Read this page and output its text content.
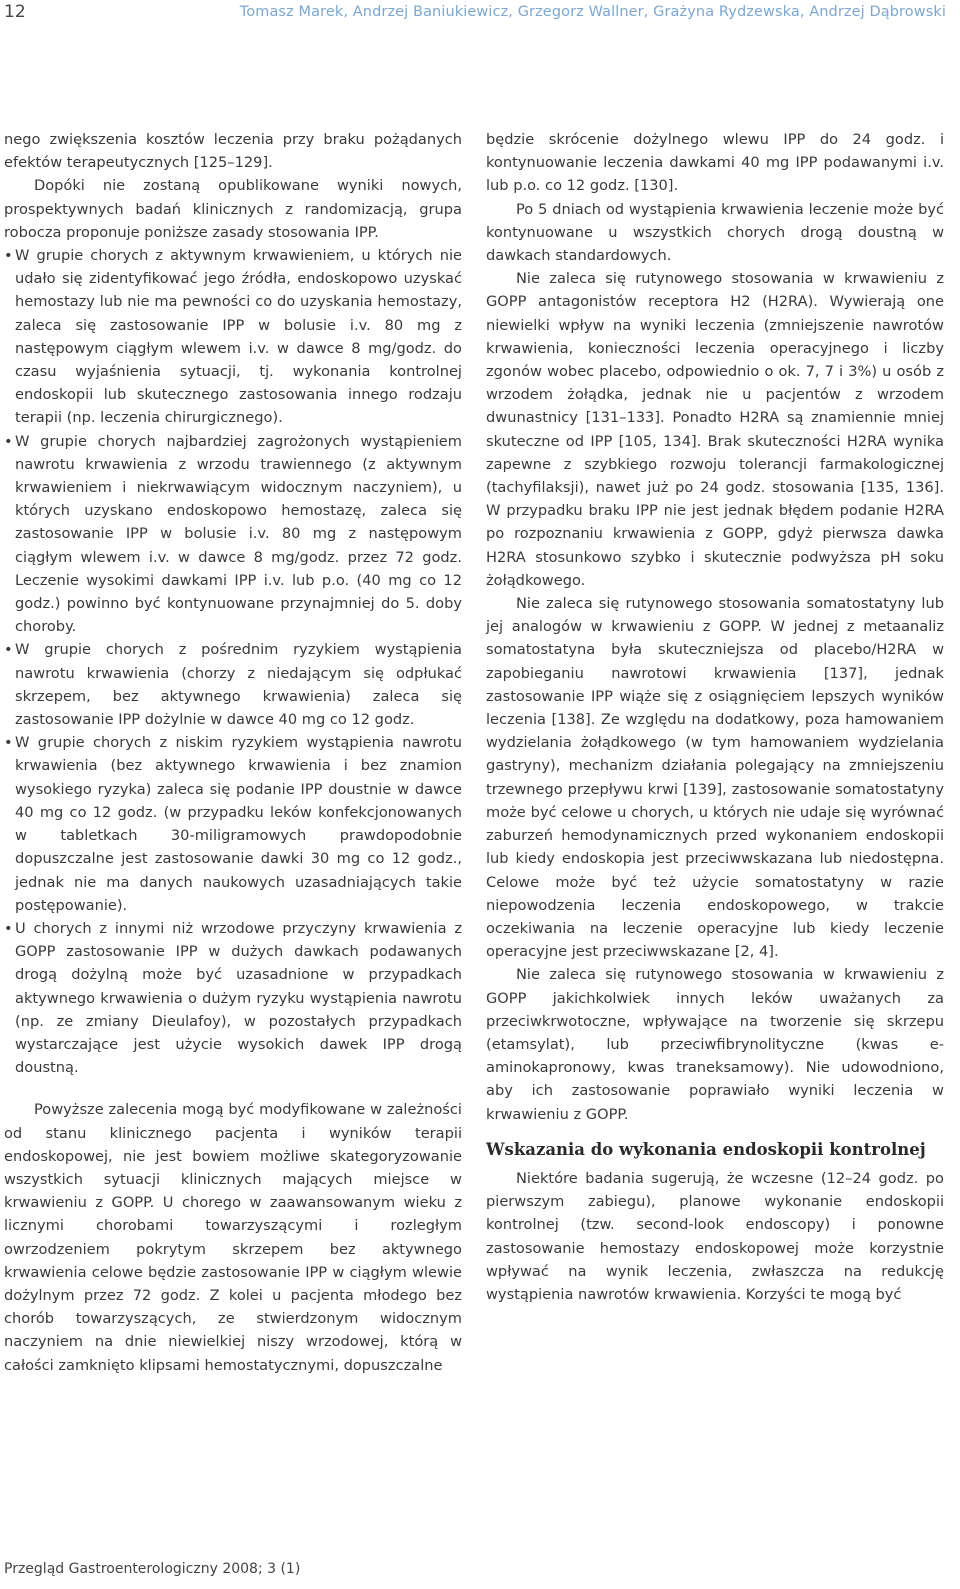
12	Tomasz Marek, Andrzej Baniukiewicz, Grzegorz Wallner, Grażyna Rydzewska, Andrzej Dąbrowski

nego zwiększenia kosztów leczenia przy braku pożądanych efektów terapeutycznych [125–129].

Dopóki nie zostaną opublikowane wyniki nowych, prospektywnych badań klinicznych z randomizacją, grupa robocza proponuje poniższe zasady stosowania IPP.

• W grupie chorych z aktywnym krwawieniem, u których nie udało się zidentyfikować jego źródła, endoskopowo uzyskać hemostazy lub nie ma pewności co do uzyskania hemostazy, zaleca się zastosowanie IPP w bolusie i.v. 80 mg z następowym ciągłym wlewem i.v. w dawce 8 mg/godz. do czasu wyjaśnienia sytuacji, tj. wykonania kontrolnej endoskopii lub skutecznego zastosowania innego rodzaju terapii (np. leczenia chirurgicznego).
• W grupie chorych najbardziej zagrożonych wystąpieniem nawrotu krwawienia z wrzodu trawiennego (z aktywnym krwawieniem i niekrwawiącym widocznym naczyniem), u których uzyskano endoskopowo hemostazę, zaleca się zastosowanie IPP w bolusie i.v. 80 mg z następowym ciągłym wlewem i.v. w dawce 8 mg/godz. przez 72 godz. Leczenie wysokimi dawkami IPP i.v. lub p.o. (40 mg co 12 godz.) powinno być kontynuowane przynajmniej do 5. doby choroby.
• W grupie chorych z pośrednim ryzykiem wystąpienia nawrotu krwawienia (chorzy z niedającym się odpłukać skrzepem, bez aktywnego krwawienia) zaleca się zastosowanie IPP dożylnie w dawce 40 mg co 12 godz.
• W grupie chorych z niskim ryzykiem wystąpienia nawrotu krwawienia (bez aktywnego krwawienia i bez znamion wysokiego ryzyka) zaleca się podanie IPP doustnie w dawce 40 mg co 12 godz. (w przypadku leków konfekcjonowanych w tabletkach 30-miligramowych prawdopodobnie dopuszczalne jest zastosowanie dawki 30 mg co 12 godz., jednak nie ma danych naukowych uzasadniających takie postępowanie).
• U chorych z innymi niż wrzodowe przyczyny krwawienia z GOPP zastosowanie IPP w dużych dawkach podawanych drogą dożylną może być uzasadnione w przypadkach aktywnego krwawienia o dużym ryzyku wystąpienia nawrotu (np. ze zmiany Dieulafoy), w pozostałych przypadkach wystarczające jest użycie wysokich dawek IPP drogą doustną.

Powyższe zalecenia mogą być modyfikowane w zależności od stanu klinicznego pacjenta i wyników terapii endoskopowej, nie jest bowiem możliwe skategoryzowanie wszystkich sytuacji klinicznych mających miejsce w krwawieniu z GOPP. U chorego w zaawansowanym wieku z licznymi chorobami towarzyszącymi i rozległym owrzodzeniem pokrytym skrzepem bez aktywnego krwawienia celowe będzie zastosowanie IPP w ciągłym wlewie dożylnym przez 72 godz. Z kolei u pacjenta młodego bez chorób towarzyszących, ze stwierdzonym widocznym naczyniem na dnie niewielkiej niszy wrzodowej, którą w całości zamknięto klipsami hemostatycznymi, dopuszczalne

będzie skrócenie dożylnego wlewu IPP do 24 godz. i kontynuowanie leczenia dawkami 40 mg IPP podawanymi i.v. lub p.o. co 12 godz. [130].

Po 5 dniach od wystąpienia krwawienia leczenie może być kontynuowane u wszystkich chorych drogą doustną w dawkach standardowych.

Nie zaleca się rutynowego stosowania w krwawieniu z GOPP antagonistów receptora H2 (H2RA). Wywierają one niewielki wpływ na wyniki leczenia (zmniejszenie nawrotów krwawienia, konieczności leczenia operacyjnego i liczby zgonów wobec placebo, odpowiednio o ok. 7, 7 i 3%) u osób z wrzodem żołądka, jednak nie u pacjentów z wrzodem dwunastnicy [131–133]. Ponadto H2RA są znamiennie mniej skuteczne od IPP [105, 134]. Brak skuteczności H2RA wynika zapewne z szybkiego rozwoju tolerancji farmakologicznej (tachyfilaksji), nawet już po 24 godz. stosowania [135, 136]. W przypadku braku IPP nie jest jednak błędem podanie H2RA po rozpoznaniu krwawienia z GOPP, gdyż pierwsza dawka H2RA stosunkowo szybko i skutecznie podwyższa pH soku żołądkowego.

Nie zaleca się rutynowego stosowania somatostatyny lub jej analogów w krwawieniu z GOPP. W jednej z metaanaliz somatostatyna była skuteczniejsza od placebo/H2RA w zapobieganiu nawrotowi krwawienia [137], jednak zastosowanie IPP wiąże się z osiągnięciem lepszych wyników leczenia [138]. Ze względu na dodatkowy, poza hamowaniem wydzielania żołądkowego (w tym hamowaniem wydzielania gastryny), mechanizm działania polegający na zmniejszeniu trzewnego przepływu krwi [139], zastosowanie somatostatyny może być celowe u chorych, u których nie udaje się wyrównać zaburzeń hemodynamicznych przed wykonaniem endoskopii lub kiedy endoskopia jest przeciwwskazana lub niedostępna. Celowe może być też użycie somatostatyny w razie niepowodzenia leczenia endoskopowego, w trakcie oczekiwania na leczenie operacyjne lub kiedy leczenie operacyjne jest przeciwwskazane [2, 4].

Nie zaleca się rutynowego stosowania w krwawieniu z GOPP jakichkolwiek innych leków uważanych za przeciwkrwotoczne, wpływające na tworzenie się skrzepu (etamsylat), lub przeciwfibrynolityczne (kwas e-aminokapronowy, kwas traneksamowy). Nie udowodniono, aby ich zastosowanie poprawiało wyniki leczenia w krwawieniu z GOPP.

Wskazania do wykonania endoskopii kontrolnej

Niektóre badania sugerują, że wczesne (12–24 godz. po pierwszym zabiegu), planowe wykonanie endoskopii kontrolnej (tzw. second-look endoscopy) i ponowne zastosowanie hemostazy endoskopowej może korzystnie wpływać na wynik leczenia, zwłaszcza na redukcję wystąpienia nawrotów krwawienia. Korzyści te mogą być

Przegląd Gastroenterologiczny 2008; 3 (1)
